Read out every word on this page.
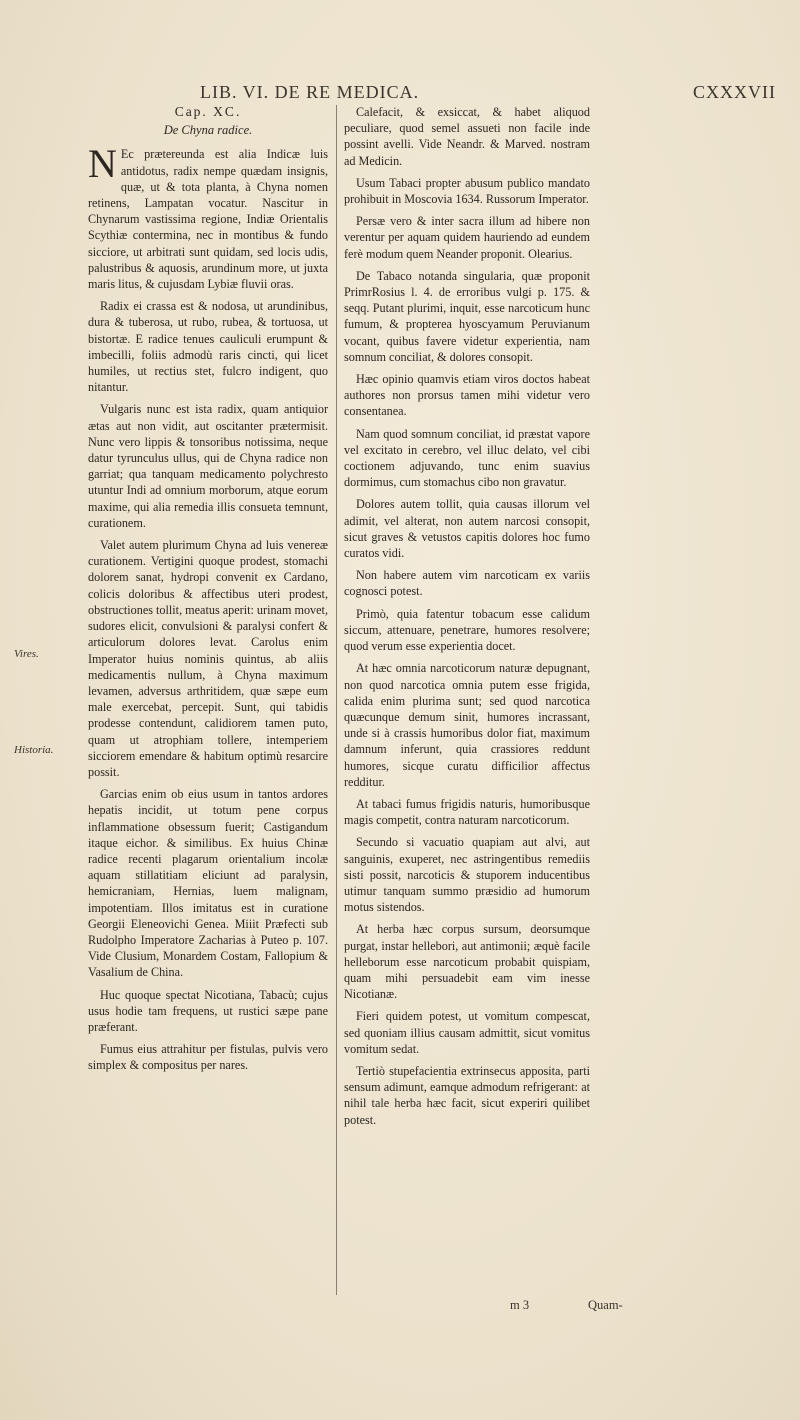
LIB. VI. DE RE MEDICA.	CXXXVII
Vires.
Historia.
Cap. XC.
De Chyna radice.

N Ec prætereunda est alia Indicæ luis antidotus, radix nempe quædam insignis, quæ, ut & tota planta, à Chyna nomen retinens, Lampatan vocatur. Nascitur in Chynarum vastissima regione, Indiæ Orientalis Scythiæ contermina, nec in montibus & fundo sicciore, ut arbitrati sunt quidam, sed locis udis, palustribus & aquosis, arundinum more, ut juxta maris litus, & cujusdam Lybiæ fluvii oras.

Radix ei crassa est & nodosa, ut arundinibus, dura & tuberosa, ut rubo, rubea, & tortuosa, ut bistortæ. E radice tenues cauliculi erumpunt & imbecilli, foliis admodù raris cincti, qui licet humiles, ut rectius stet, fulcro indigent, quo nitantur.

Vulgaris nunc est ista radix, quam antiquior ætas aut non vidit, aut oscitanter prætermisit. Nunc vero lippis & tonsoribus notissima, neque datur tyrunculus ullus, qui de Chyna radice non garriat; qua tanquam medicamento polychresto utuntur Indi ad omnium morborum, atque eorum maxime, qui alia remedia illis consueta temnunt, curationem.

Valet autem plurimum Chyna ad luis venereæ curationem. Vertigini quoque prodest, stomachi dolorem sanat, hydropi convenit ex Cardano, colicis doloribus & affectibus uteri prodest, obstructiones tollit, meatus aperit: urinam movet, sudores elicit, convulsioni & paralysi confert & articulorum dolores levat. Carolus enim Imperator huius nominis quintus, ab aliis medicamentis nullum, à Chyna maximum levamen, adversus arthritidem, quæ sæpe eum male exercebat, percepit. Sunt, qui tabidis prodesse contendunt, calidiorem tamen puto, quam ut atrophiam tollere, intemperiem sicciorem emendare & habitum optimù resarcire possit.

Garcias enim ob eius usum in tantos ardores hepatis incidit, ut totum pene corpus inflammatione obsessum fuerit; Castigandum itaque eichor. & similibus. Ex huius Chinæ radice recenti plagarum orientalium incolæ aquam stillatitiam eliciunt ad paralysin, hemicraniam, Hernias, luem malignam, impotentiam. Illos imitatus est in curatione Georgii Eleneovichi Genea. Miiit Præfecti sub Rudolpho Imperatore Zacharias à Puteo p. 107. Vide Clusium, Monardem Costam, Fallopium & Vasalium de China.

Huc quoque spectat Nicotiana, Tabacù; cujus usus hodie tam frequens, ut rustici sæpe pane præferant.

Fumus eius attrahitur per fistulas, pulvis vero simplex & compositus per nares.

Calefacit, & exsiccat, & habet aliquod peculiare, quod semel assueti non facile inde possint avelli. Vide Neandr. & Marved. nostram ad Medicin.

Usum Tabaci propter abusum publico mandato prohibuit in Moscovia 1634. Russorum Imperator.

Persæ vero & inter sacra illum ad hibere non verentur per aquam quidem hauriendo ad eundem ferè modum quem Neander proponit. Olearius.

De Tabaco notanda singularia, quæ proponit PrimrRosius l. 4. de erroribus vulgi p. 175. & seqq. Putant plurimi, inquit, esse narcoticum hunc fumum, & propterea hyoscyamum Peruvianum vocant, quibus favere videtur experientia, nam somnum conciliat, & dolores consopit.

Hæc opinio quamvis etiam viros doctos habeat authores non prorsus tamen mihi videtur vero consentanea.

Nam quod somnum conciliat, id præstat vapore vel excitato in cerebro, vel illuc delato, vel cibi coctionem adjuvando, tunc enim suavius dormimus, cum stomachus cibo non gravatur.

Dolores autem tollit, quia causas illorum vel adimit, vel alterat, non autem narcosi consopit, sicut graves & vetustos capitis dolores hoc fumo curatos vidi.

Non habere autem vim narcoticam ex variis cognosci potest.

Primò, quia fatentur tobacum esse calidum siccum, attenuare, penetrare, humores resolvere; quod verum esse experientia docet.

At hæc omnia narcoticorum naturæ depugnant, non quod narcotica omnia putem esse frigida, calida enim plurima sunt; sed quod narcotica quæcunque demum sinit, humores incrassant, unde si à crassis humoribus dolor fiat, maximum damnum inferunt, quia crassiores reddunt humores, sicque curatu difficilior affectus redditur.

At tabaci fumus frigidis naturis, humoribusque magis competit, contra naturam narcoticorum.

Secundo si vacuatio quapiam aut alvi, aut sanguinis, exuperet, nec astringentibus remediis sisti possit, narcoticis & stuporem inducentibus utimur tanquam summo præsidio ad humorum motus sistendos.

At herba hæc corpus sursum, deorsumque purgat, instar hellebori, aut antimonii; æquè facile helleborum esse narcoticum probabit quispiam, quam mihi persuadebit eam vim inesse Nicotianæ.

Fieri quidem potest, ut vomitum compescat, sed quoniam illius causam admittit, sicut vomitus vomitum sedat.

Tertiò stupefacientia extrinsecus apposita, parti sensum adimunt, eamque admodum refrigerant: at nihil tale herba hæc facit, sicut experiri quilibet potest.

m 3	Quam-
